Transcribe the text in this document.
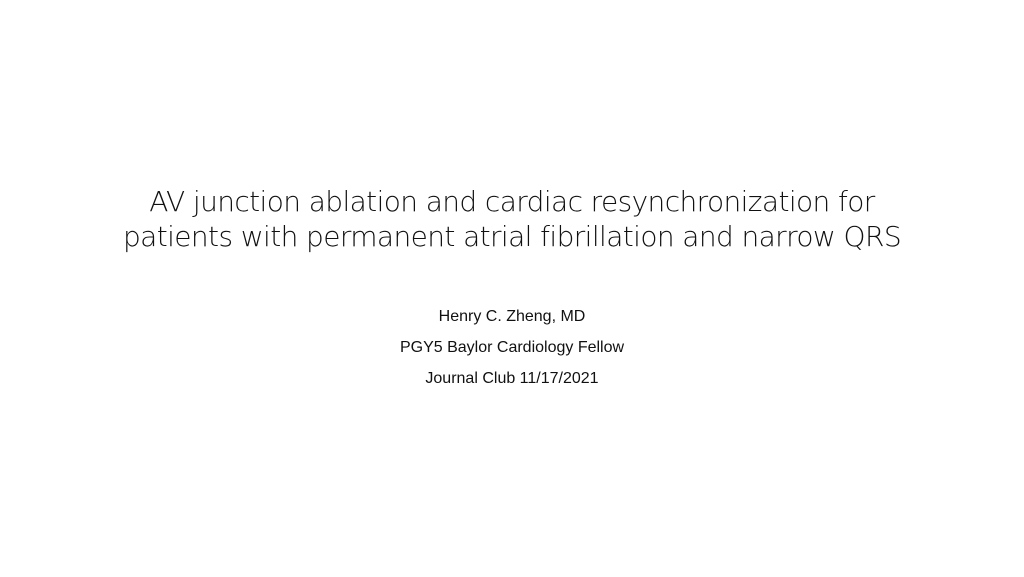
AV junction ablation and cardiac resynchronization for
patients with permanent atrial fibrillation and narrow QRS
Henry C. Zheng, MD
PGY5 Baylor Cardiology Fellow
Journal Club 11/17/2021
